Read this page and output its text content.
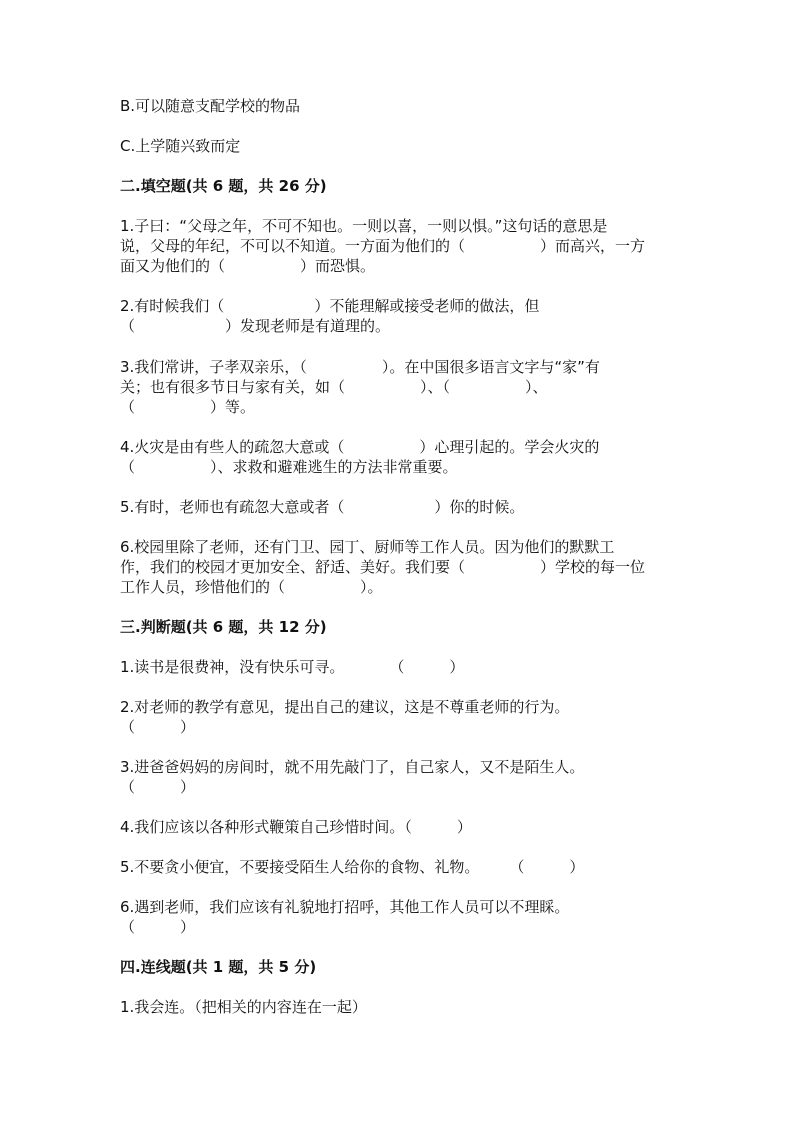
B.可以随意支配学校的物品
C.上学随兴致而定
二.填空题(共 6 题，共 26 分)
1.子曰：“父母之年，不可不知也。一则以喜，一则以惧。”这句话的意思是
说，父母的年纪，不可以不知道。一方面为他们的（　　　　　）而高兴，一方
面又为他们的（　　　　　）而恐惧。
2.有时候我们（　　　　　　）不能理解或接受老师的做法，但
（　　　　　　）发现老师是有道理的。
3.我们常讲，子孝双亲乐，（　　　　　）。在中国很多语言文字与“家”有
关；也有很多节日与家有关，如（　　　　　）、（　　　　　）、
（　　　　　）等。
4.火灾是由有些人的疏忽大意或（　　　　　）心理引起的。学会火灾的
（　　　　　）、求救和避难逃生的方法非常重要。
5.有时，老师也有疏忽大意或者（　　　　　　）你的时候。
6.校园里除了老师，还有门卫、园丁、厨师等工作人员。因为他们的默默工
作，我们的校园才更加安全、舒适、美好。我们要（　　　　　）学校的每一位
工作人员，珍惜他们的（　　　　　）。
三.判断题(共 6 题，共 12 分)
1.读书是很费神，没有快乐可寻。　　　　（　　　）
2.对老师的教学有意见，提出自己的建议，这是不尊重老师的行为。
（　　　）
3.进爸爸妈妈的房间时，就不用先敲门了，自己家人，又不是陌生人。
（　　　）
4.我们应该以各种形式鞭策自己珍惜时间。（　　　）
5.不要贪小便宜，不要接受陌生人给你的食物、礼物。　　　（　　　）
6.遇到老师，我们应该有礼貌地打招呼，其他工作人员可以不理睬。
（　　　）
四.连线题(共 1 题，共 5 分)
1.我会连。（把相关的内容连在一起）
